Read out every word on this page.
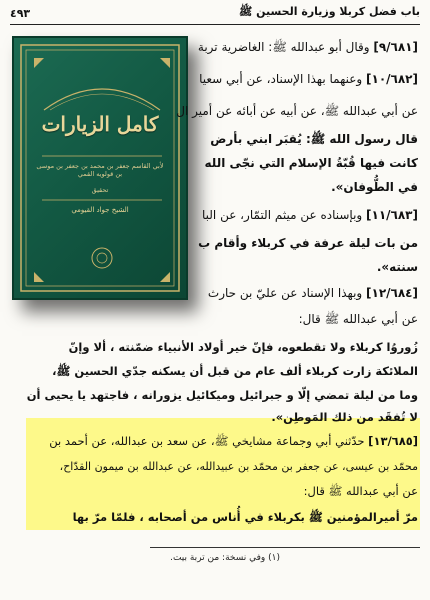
باب فضل كربلا وزيارة الحسين ﷺ
٤٩٣
كامل الزيارات
لأبي القاسم جعفر بن محمد بن جعفر بن موسى بن قولويه القمي
تحقيق
الشيخ جواد القيومي
[٩/٦٨١] وقال أبو عبدالله ﷺ: الغاضرية تربة
[١٠/٦٨٢] وعنهما بهذا الإسناد، عن أبي سعيا
عن أبي عبدالله ﷺ، عن أبيه عن أبائه عن أمير ال
قال رسول الله ﷺ: يُقبَر ابني بأرض
كانت فيها قُبّةُ الإسلام التي نجّى الله
في الطُّوفان».
[١١/٦٨٣] وبإسناده عن ميثم التمّار، عن البا
من بات ليلة عرفة في كربلاء وأقام ب
سنته».
[١٢/٦٨٤] وبهذا الإسناد عن عليّ بن حارث
عن أبي عبدالله ﷺ قال:
زُوروُا كربلاء ولا تقطعوه، فإنّ خير أولاد الأنبياء ضمّنته ، ألا وإنّ
الملائكة زارت كربلاء ألف عام من قبل أن يسكنه جدّي الحسين ﷺ،
وما من ليلة تمضي إلّا و جبرائيل وميكائيل يزورانه ، فاجتهد يا يحيى أن
لا تُفقَد من ذلك المَوطِن».
[١٣/٦٨٥] حدّثني أبي وجماعة مشايخي ﷺ، عن سعد بن عبدالله، عن أحمد بن
محمّد بن عيسى، عن جعفر بن محمّد بن عبيدالله، عن عبدالله بن ميمون القدّاح،
عن أبي عبدالله ﷺ قال:
مرّ أميرالمؤمنين ﷺ بكربلاء في أُناس من أصحابه ، فلمّا مرّ بها
(١) وفي نسخة: من تربة بيت.
